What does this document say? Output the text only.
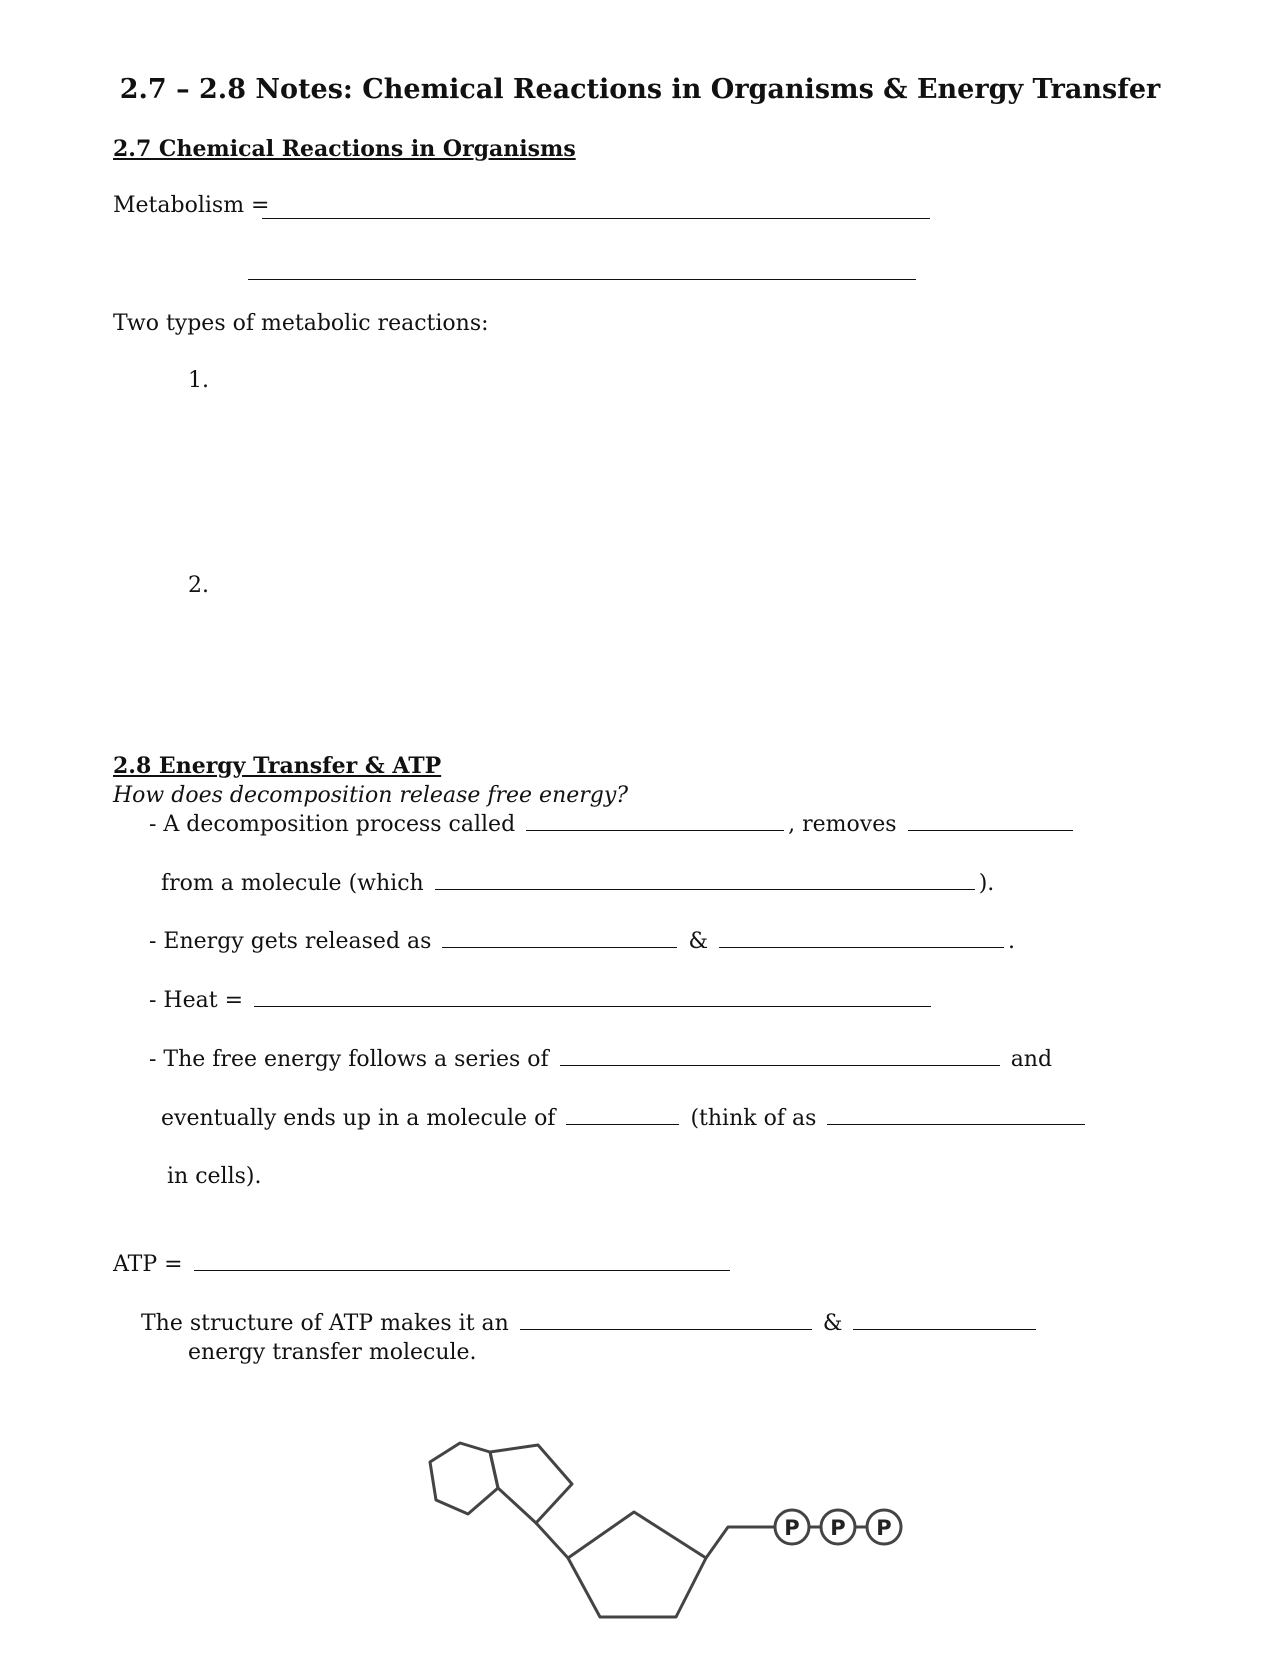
2.7 – 2.8 Notes: Chemical Reactions in Organisms & Energy Transfer
2.7 Chemical Reactions in Organisms
Metabolism =
Two types of metabolic reactions:
1.
2.
2.8 Energy Transfer & ATP
How does decomposition release free energy?
- A decomposition process called	, removes
from a molecule (which	).
- Energy gets released as	&	.
- Heat =
- The free energy follows a series of	and
eventually ends up in a molecule of	(think of as
in cells).
ATP =
The structure of ATP makes it an	&
energy transfer molecule.
P P P
